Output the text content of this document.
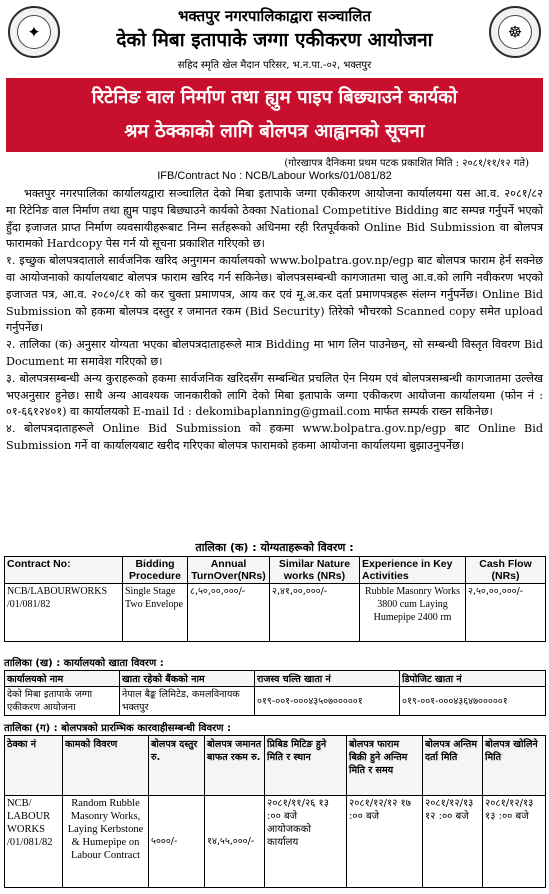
✦	☸
भक्तपुर नगरपालिकाद्वारा सञ्चालित
देको मिबा इतापाके जग्गा एकीकरण आयोजना
सहिद स्मृति खेल मैदान परिसर, भ.न.पा.-०२, भक्तपुर
रिटेनिङ वाल निर्माण तथा ह्युम पाइप बिछ्याउने कार्यको
श्रम ठेक्काको लागि बोलपत्र आह्वानको सूचना
(गोरखापत्र दैनिकमा प्रथम पटक प्रकाशित मिति : २०८१/११/१२ गते)
IFB/Contract No : NCB/Labour Works/01/081/82

भक्तपुर नगरपालिका कार्यालयद्वारा सञ्चालित देको मिबा इतापाके जग्गा एकीकरण आयोजना कार्यालयमा यस आ.व. २०८१/८२ मा रिटेनिङ वाल निर्माण तथा ह्युम पाइप बिछ्याउने कार्यको ठेक्का National Competitive Bidding बाट सम्पन्न गर्नुपर्ने भएको हुँदा इजाजत प्राप्त निर्माण व्यवसायीहरूबाट निम्न सर्तहरूको अधिनमा रही रितपूर्वकको Online Bid Submission वा बोलपत्र फारामको Hardcopy पेस गर्न यो सूचना प्रकाशित गरिएको छ।

१. इच्छुक बोलपत्रदाताले सार्वजनिक खरिद अनुगमन कार्यालयको www.bolpatra.gov.np/egp बाट बोलपत्र फाराम हेर्न सक्नेछ वा आयोजनाको कार्यालयबाट बोलपत्र फाराम खरिद गर्न सकिनेछ। बोलपत्रसम्बन्धी कागजातमा चालु आ.व.को लागि नवीकरण भएको इजाजत पत्र, आ.व. २०८०/८१ को कर चुक्ता प्रमाणपत्र, आय कर एवं मू.अ.कर दर्ता प्रमाणपत्रहरू संलग्न गर्नुपर्नेछ। Online Bid Submission को हकमा बोलपत्र दस्तुर र जमानत रकम (Bid Security) तिरेको भौचरको Scanned copy समेत upload गर्नुपर्नेछ।

२. तालिका (क) अनुसार योग्यता भएका बोलपत्रदाताहरूले मात्र Bidding मा भाग लिन पाउनेछन्, सो सम्बन्धी विस्तृत विवरण Bid Document मा समावेश गरिएको छ।

३. बोलपत्रसम्बन्धी अन्य कुराहरूको हकमा सार्वजनिक खरिदसँग सम्बन्धित प्रचलित ऐन नियम एवं बोलपत्रसम्बन्धी कागजातमा उल्लेख भएअनुसार हुनेछ। साथै अन्य आवश्यक जानकारीको लागि देको मिबा इतापाके जग्गा एकीकरण आयोजना कार्यालयमा (फोन नं : ०१-६६१२४०१) वा कार्यालयको E-mail Id : dekomibaplanning@gmail.com मार्फत सम्पर्क राख्न सकिनेछ।

४. बोलपत्रदाताहरूले Online Bid Submission को हकमा www.bolpatra.gov.np/egp बाट Online Bid Submission गर्ने वा कार्यालयबाट खरीद गरिएका बोलपत्र फारामको हकमा आयोजना कार्यालयमा बुझाउनुपर्नेछ।

तालिका (क) : योग्यताहरूको विवरण :
Contract No:	Bidding Procedure	Annual TurnOver(NRs)	Similar Nature works (NRs)	Experience in Key Activities	Cash Flow (NRs)
NCB/LABOURWORKS /01/081/82	Single Stage Two Envelope	८,५०,००,०००/-	२,४१,००,०००/-	Rubble Masonry Works 3800 cum Laying Humepipe 2400 rm	२,५०,००,०००/-
तालिका (ख) : कार्यालयको खाता विवरण :
कार्यालयको नाम	खाता रहेको बैंकको नाम	राजस्व चल्ति खाता नं	डिपोजिट खाता नं
देको मिबा इतापाके जग्गा एकीकरण आयोजना	नेपाल बैङ्क लिमिटेड, कमलविनायक भक्तपुर	०१९-००१-०००४३५०७०००००१	०१९-००१-०००४३६४७०००००१
तालिका (ग) : बोलपत्रको प्रारम्भिक कारवाहीसम्बन्धी विवरण :
ठेक्का नं	कामको विवरण	बोलपत्र दस्तुर रु.	बोलपत्र जमानत बाफत रकम रु.	प्रिबिड मिटिङ हुने मिति र स्थान	बोलपत्र फाराम बिक्री हुने अन्तिम मिति र समय	बोलपत्र अन्तिम दर्ता मिति	बोलपत्र खोलिने मिति
NCB/ LABOUR WORKS /01/081/82	Random Rubble Masonry Works, Laying Kerbstone & Humepipe on Labour Contract	५०००/-	१४,५५,०००/-	२०८१/११/२६ १३ :०० बजे आयोजकको कार्यालय	२०८१/१२/१२ १७ :०० बजे	२०८१/१२/१३ १२ :०० बजे	२०८१/१२/१३ १३ :०० बजे
